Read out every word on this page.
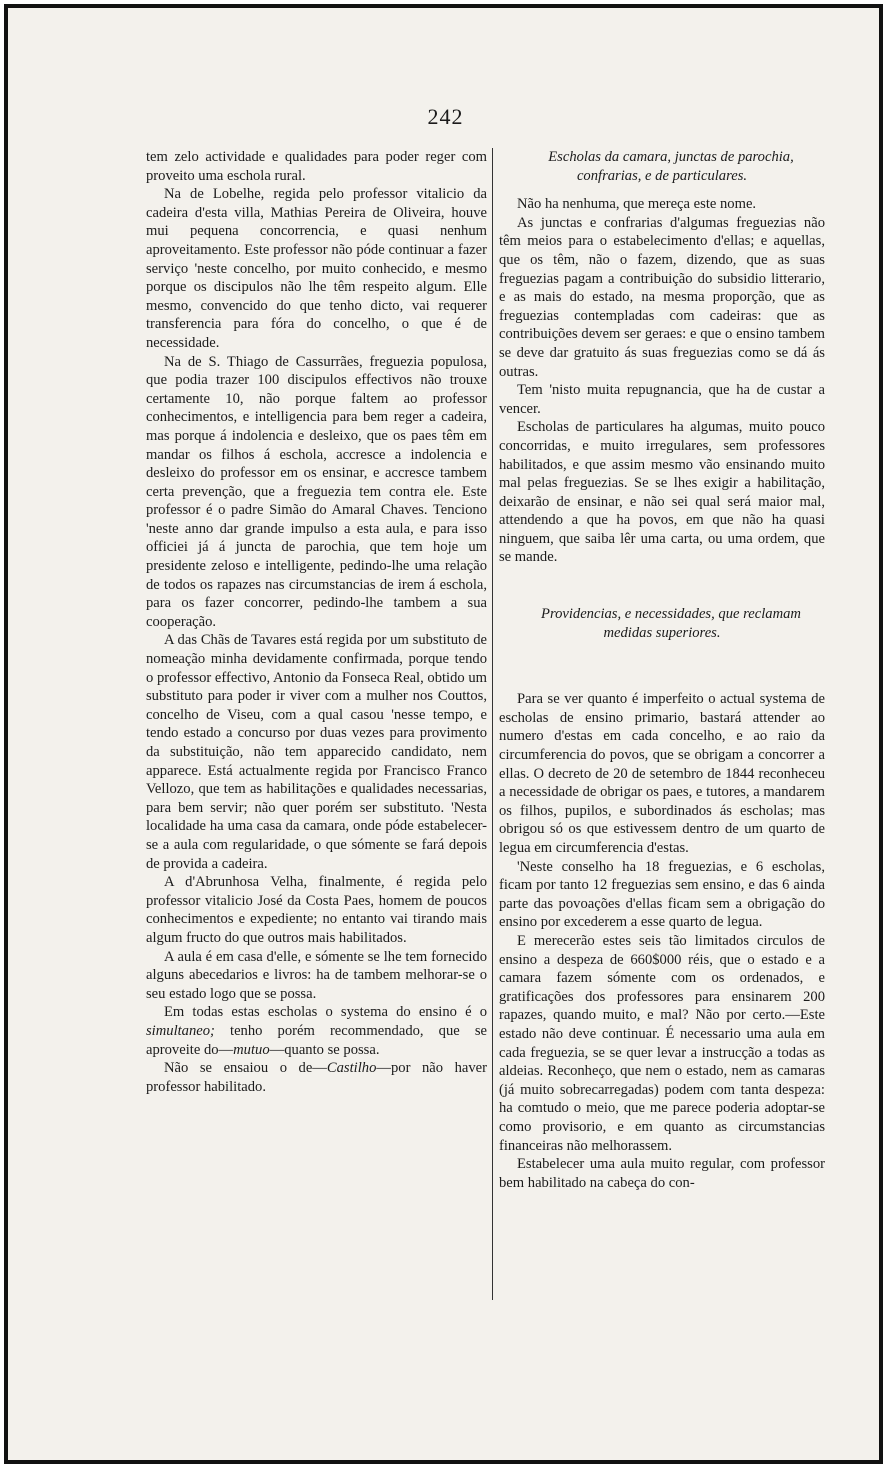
242

tem zelo actividade e qualidades para poder reger com proveito uma eschola rural.

Na de Lobelhe, regida pelo professor vitalicio da cadeira d'esta villa, Mathias Pereira de Oliveira, houve mui pequena concorrencia, e quasi nenhum aproveitamento. Este professor não póde continuar a fazer serviço 'neste concelho, por muito conhecido, e mesmo porque os discipulos não lhe têm respeito algum. Elle mesmo, convencido do que tenho dicto, vai requerer transferencia para fóra do concelho, o que é de necessidade.

Na de S. Thiago de Cassurrães, freguezia populosa, que podia trazer 100 discipulos effectivos não trouxe certamente 10, não porque faltem ao professor conhecimentos, e intelligencia para bem reger a cadeira, mas porque á indolencia e desleixo, que os paes têm em mandar os filhos á eschola, accresce a indolencia e desleixo do professor em os ensinar, e accresce tambem certa prevenção, que a freguezia tem contra ele. Este professor é o padre Simão do Amaral Chaves. Tenciono 'neste anno dar grande impulso a esta aula, e para isso officiei já á juncta de parochia, que tem hoje um presidente zeloso e intelligente, pedindo-lhe uma relação de todos os rapazes nas circumstancias de irem á eschola, para os fazer concorrer, pedindo-lhe tambem a sua cooperação.

A das Chãs de Tavares está regida por um substituto de nomeação minha devidamente confirmada, porque tendo o professor effectivo, Antonio da Fonseca Real, obtido um substituto para poder ir viver com a mulher nos Couttos, concelho de Viseu, com a qual casou 'nesse tempo, e tendo estado a concurso por duas vezes para provimento da substituição, não tem apparecido candidato, nem apparece. Está actualmente regida por Francisco Franco Vellozo, que tem as habilitações e qualidades necessarias, para bem servir; não quer porém ser substituto. 'Nesta localidade ha uma casa da camara, onde póde estabelecer-se a aula com regularidade, o que sómente se fará depois de provida a cadeira.

A d'Abrunhosa Velha, finalmente, é regida pelo professor vitalicio José da Costa Paes, homem de poucos conhecimentos e expediente; no entanto vai tirando mais algum fructo do que outros mais habilitados.

A aula é em casa d'elle, e sómente se lhe tem fornecido alguns abecedarios e livros: ha de tambem melhorar-se o seu estado logo que se possa.

Em todas estas escholas o systema do ensino é o simultaneo; tenho porém recommendado, que se aproveite do—mutuo—quanto se possa.

Não se ensaiou o de—Castilho—por não haver professor habilitado.

Escholas da camara, junctas de parochia, confrarias, e de particulares.

Não ha nenhuma, que mereça este nome.

As junctas e confrarias d'algumas freguezias não têm meios para o estabelecimento d'ellas; e aquellas, que os têm, não o fazem, dizendo, que as suas freguezias pagam a contribuição do subsidio litterario, e as mais do estado, na mesma proporção, que as freguezias contempladas com cadeiras: que as contribuições devem ser geraes: e que o ensino tambem se deve dar gratuito ás suas freguezias como se dá ás outras.

Tem 'nisto muita repugnancia, que ha de custar a vencer.

Escholas de particulares ha algumas, muito pouco concorridas, e muito irregulares, sem professores habilitados, e que assim mesmo vão ensinando muito mal pelas freguezias. Se se lhes exigir a habilitação, deixarão de ensinar, e não sei qual será maior mal, attendendo a que ha povos, em que não ha quasi ninguem, que saiba lêr uma carta, ou uma ordem, que se mande.

Providencias, e necessidades, que reclamam medidas superiores.

Para se ver quanto é imperfeito o actual systema de escholas de ensino primario, bastará attender ao numero d'estas em cada concelho, e ao raio da circumferencia do povos, que se obrigam a concorrer a ellas. O decreto de 20 de setembro de 1844 reconheceu a necessidade de obrigar os paes, e tutores, a mandarem os filhos, pupilos, e subordinados ás escholas; mas obrigou só os que estivessem dentro de um quarto de legua em circumferencia d'estas.

'Neste conselho ha 18 freguezias, e 6 escholas, ficam por tanto 12 freguezias sem ensino, e das 6 ainda parte das povoações d'ellas ficam sem a obrigação do ensino por excederem a esse quarto de legua.

E merecerão estes seis tão limitados circulos de ensino a despeza de 660$000 réis, que o estado e a camara fazem sómente com os ordenados, e gratificações dos professores para ensinarem 200 rapazes, quando muito, e mal? Não por certo.—Este estado não deve continuar. É necessario uma aula em cada freguezia, se se quer levar a instrucção a todas as aldeias. Reconheço, que nem o estado, nem as camaras (já muito sobrecarregadas) podem com tanta despeza: ha comtudo o meio, que me parece poderia adoptar-se como provisorio, e em quanto as circumstancias financeiras não melhorassem.

Estabelecer uma aula muito regular, com professor bem habilitado na cabeça do con-
